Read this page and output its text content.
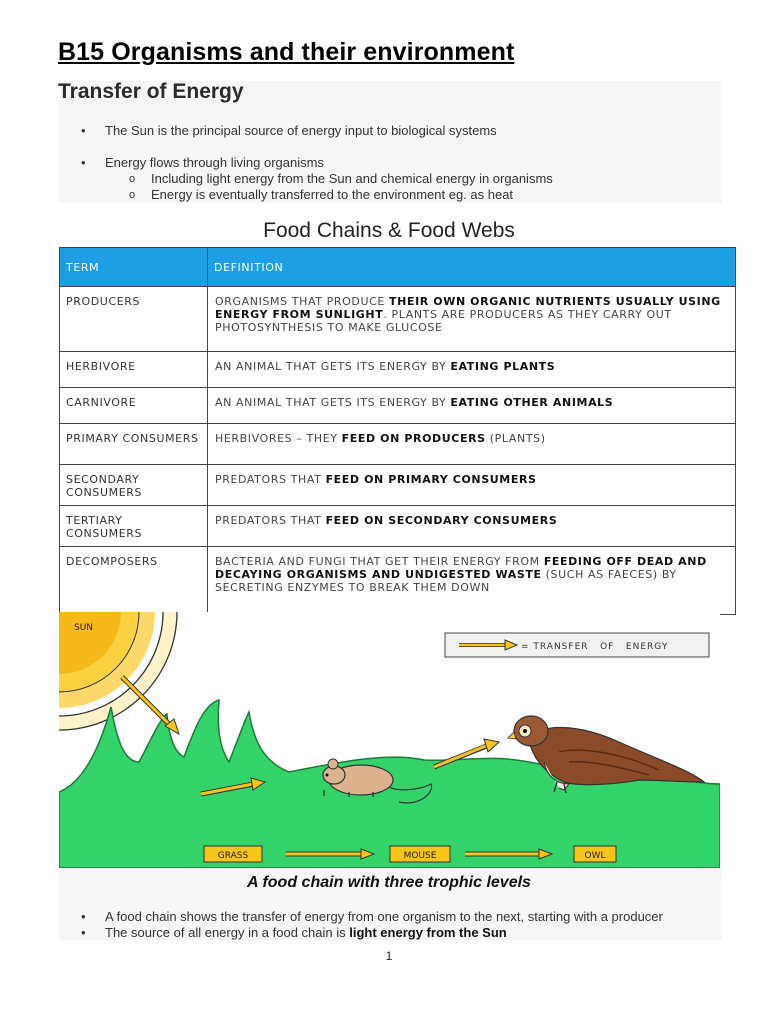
B15 Organisms and their environment
Transfer of Energy
• The Sun is the principal source of energy input to biological systems
• Energy flows through living organisms
o Including light energy from the Sun and chemical energy in organisms
o Energy is eventually transferred to the environment eg. as heat
Food Chains & Food Webs
TERM	DEFINITION
PRODUCERS	ORGANISMS THAT PRODUCE THEIR OWN ORGANIC NUTRIENTS USUALLY USING ENERGY FROM SUNLIGHT. PLANTS ARE PRODUCERS AS THEY CARRY OUT PHOTOSYNTHESIS TO MAKE GLUCOSE
HERBIVORE	AN ANIMAL THAT GETS ITS ENERGY BY EATING PLANTS
CARNIVORE	AN ANIMAL THAT GETS ITS ENERGY BY EATING OTHER ANIMALS
PRIMARY CONSUMERS	HERBIVORES – THEY FEED ON PRODUCERS (PLANTS)
SECONDARY CONSUMERS	PREDATORS THAT FEED ON PRIMARY CONSUMERS
TERTIARY CONSUMERS	PREDATORS THAT FEED ON SECONDARY CONSUMERS
DECOMPOSERS	BACTERIA AND FUNGI THAT GET THEIR ENERGY FROM FEEDING OFF DEAD AND DECAYING ORGANISMS AND UNDIGESTED WASTE (SUCH AS FAECES) BY SECRETING ENZYMES TO BREAK THEM DOWN
SUN
= TRANSFER   OF   ENERGY
GRASS	MOUSE	OWL
A food chain with three trophic levels
• A food chain shows the transfer of energy from one organism to the next, starting with a producer
• The source of all energy in a food chain is light energy from the Sun
1
